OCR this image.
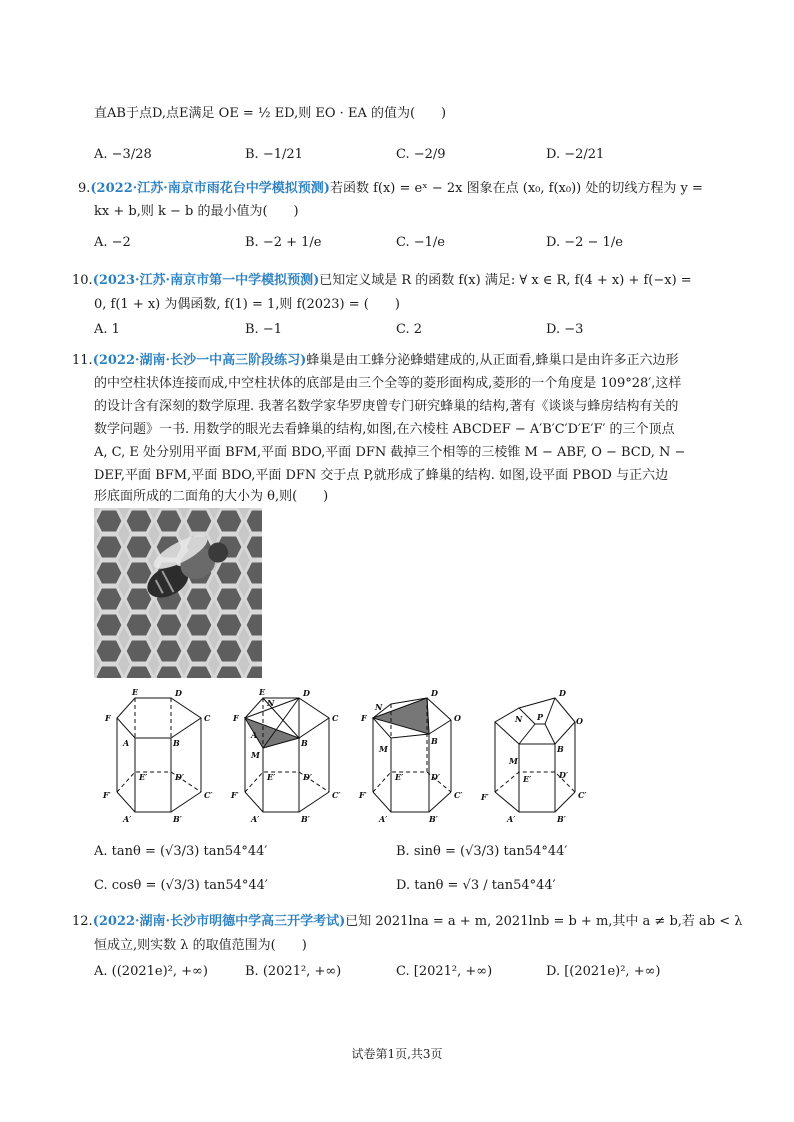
直AB于点D,点E满足 OE = ½ ED,则 EO · EA 的值为(　　)
A. −3/28	B. −1/21	C. −2/9	D. −2/21
9.(2022·江苏·南京市雨花台中学模拟预测)若函数 f(x) = eˣ − 2x 图象在点 (x₀, f(x₀)) 处的切线方程为 y =
kx + b,则 k − b 的最小值为(　　)
A. −2	B. −2 + 1/e	C. −1/e	D. −2 − 1/e
10.(2023·江苏·南京市第一中学模拟预测)已知定义域是 R 的函数 f(x) 满足: ∀ x ∈ R, f(4 + x) + f(−x) =
0, f(1 + x) 为偶函数, f(1) = 1,则 f(2023) = (　　)
A. 1	B. −1	C. 2	D. −3
11.(2022·湖南·长沙一中高三阶段练习)蜂巢是由工蜂分泌蜂蜡建成的,从正面看,蜂巢口是由许多正六边形
的中空柱状体连接而成,中空柱状体的底部是由三个全等的菱形面构成,菱形的一个角度是 109°28′,这样
的设计含有深刻的数学原理. 我著名数学家华罗庚曾专门研究蜂巢的结构,著有《谈谈与蜂房结构有关的
数学问题》一书. 用数学的眼光去看蜂巢的结构,如图,在六棱柱 ABCDEF − A′B′C′D′E′F′ 的三个顶点
A, C, E 处分别用平面 BFM,平面 BDO,平面 DFN 截掉三个相等的三棱锥 M − ABF, O − BCD, N −
DEF,平面 BFM,平面 BDO,平面 DFN 交于点 P,就形成了蜂巢的结构. 如图,设平面 PBOD 与正六边
形底面所成的二面角的大小为 θ,则(　　)
E	D
F	C
A	B
E′	D′
F′	C′
A′	B′
E	D
F	C
N
A
M
B
E′	D′
F′	C′
A′	B′
D
N
F	O
B
M
E′	D′
F′	C′
A′	B′
D
N P	O
B
M
E′	D′
F′	C′
A′	B′
A. tanθ = (√3/3) tan54°44′	B. sinθ = (√3/3) tan54°44′
C. cosθ = (√3/3) tan54°44′	D. tanθ = √3 / tan54°44′
12.(2022·湖南·长沙市明德中学高三开学考试)已知 2021lna = a + m, 2021lnb = b + m,其中 a ≠ b,若 ab < λ
恒成立,则实数 λ 的取值范围为(　　)
A. ((2021e)², +∞)	B. (2021², +∞)	C. [2021², +∞)	D. [(2021e)², +∞)
试卷第1页,共3页
